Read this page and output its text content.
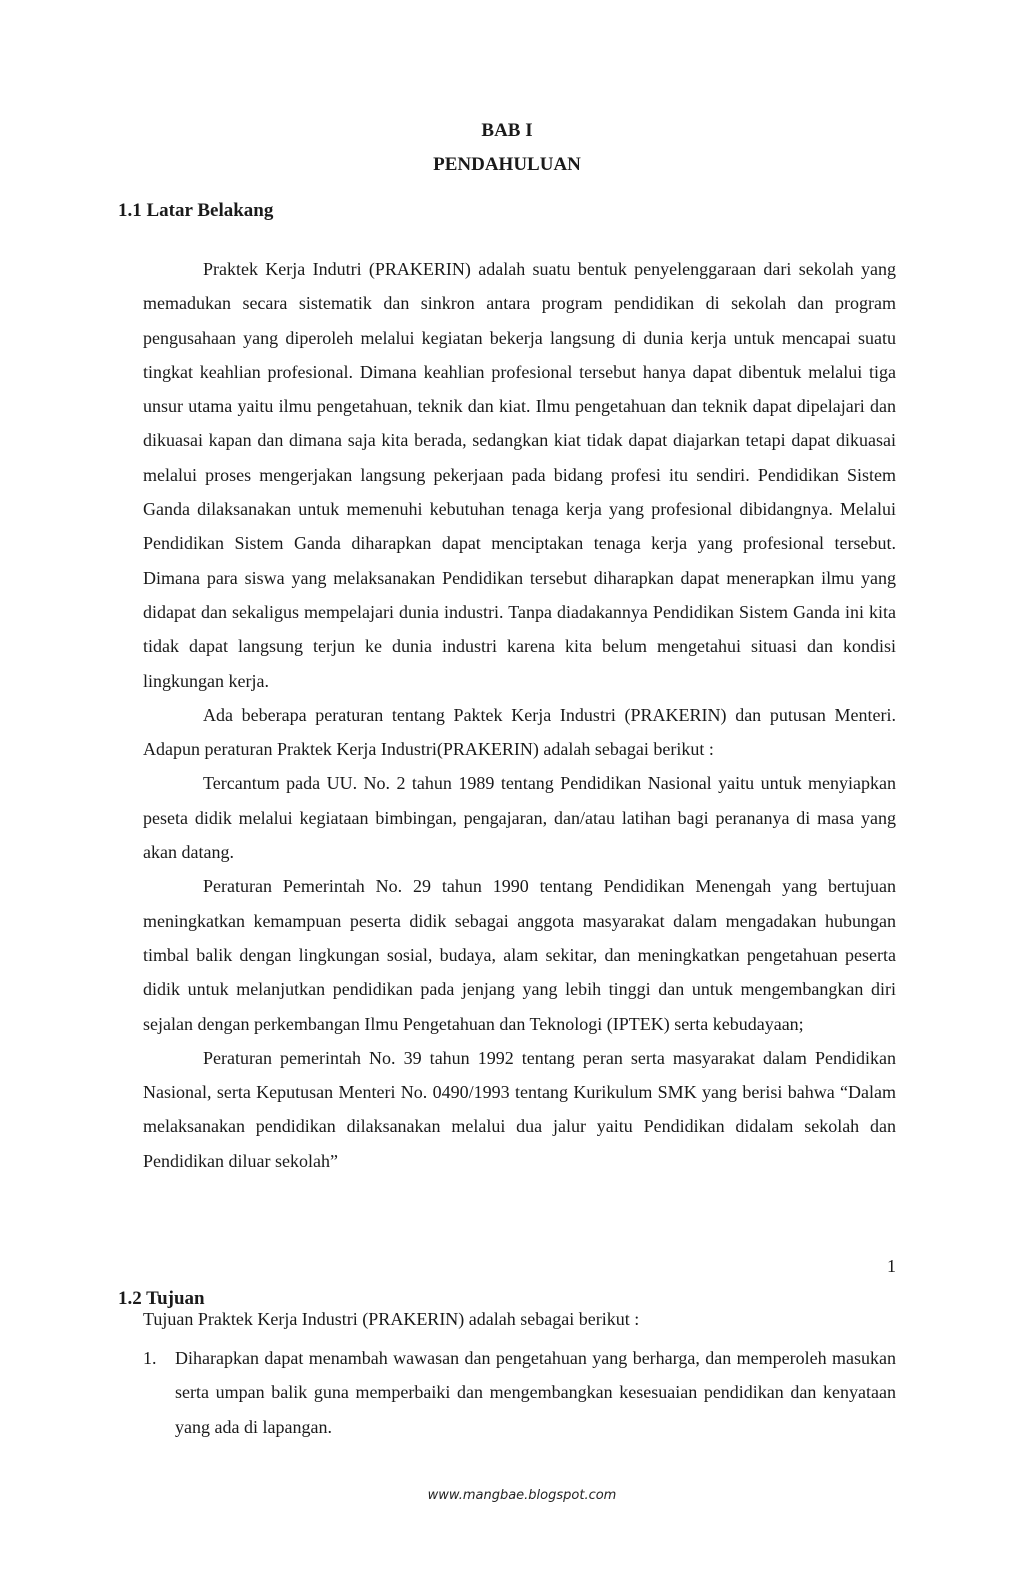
BAB I
PENDAHULUAN
1.1 Latar Belakang

Praktek Kerja Indutri (PRAKERIN) adalah suatu bentuk penyelenggaraan dari sekolah yang memadukan secara sistematik dan sinkron antara program pendidikan di sekolah dan program pengusahaan yang diperoleh melalui kegiatan bekerja langsung di dunia kerja untuk mencapai suatu tingkat keahlian profesional. Dimana keahlian profesional tersebut hanya dapat dibentuk melalui tiga unsur utama yaitu ilmu pengetahuan, teknik dan kiat. Ilmu pengetahuan dan teknik dapat dipelajari dan dikuasai kapan dan dimana saja kita berada, sedangkan kiat tidak dapat diajarkan tetapi dapat dikuasai melalui proses mengerjakan langsung pekerjaan pada bidang profesi itu sendiri. Pendidikan Sistem Ganda dilaksanakan untuk memenuhi kebutuhan tenaga kerja yang profesional dibidangnya. Melalui Pendidikan Sistem Ganda diharapkan dapat menciptakan tenaga kerja yang profesional tersebut. Dimana para siswa yang melaksanakan Pendidikan tersebut diharapkan dapat menerapkan ilmu yang didapat dan sekaligus mempelajari dunia industri. Tanpa diadakannya Pendidikan Sistem Ganda ini kita tidak dapat langsung terjun ke dunia industri karena kita belum mengetahui situasi dan kondisi lingkungan kerja.

Ada beberapa peraturan tentang Paktek Kerja Industri (PRAKERIN) dan putusan Menteri. Adapun peraturan Praktek Kerja Industri(PRAKERIN) adalah sebagai berikut :

Tercantum pada UU. No. 2 tahun 1989 tentang Pendidikan Nasional yaitu untuk menyiapkan peseta didik melalui kegiataan bimbingan, pengajaran, dan/atau latihan bagi perananya di masa yang akan datang.

Peraturan Pemerintah No. 29 tahun 1990 tentang Pendidikan Menengah yang bertujuan meningkatkan kemampuan peserta didik sebagai anggota masyarakat dalam mengadakan hubungan timbal balik dengan lingkungan sosial, budaya, alam sekitar, dan meningkatkan pengetahuan peserta didik untuk melanjutkan pendidikan pada jenjang yang lebih tinggi dan untuk mengembangkan diri sejalan dengan perkembangan Ilmu Pengetahuan dan Teknologi (IPTEK) serta kebudayaan;

Peraturan pemerintah No. 39 tahun 1992 tentang peran serta masyarakat dalam Pendidikan Nasional, serta Keputusan Menteri No. 0490/1993 tentang Kurikulum SMK yang berisi bahwa “Dalam melaksanakan pendidikan dilaksanakan melalui dua jalur yaitu Pendidikan didalam sekolah dan Pendidikan diluar sekolah”

1
1.2 Tujuan
Tujuan Praktek Kerja Industri (PRAKERIN) adalah sebagai berikut :
1.	Diharapkan dapat menambah wawasan dan pengetahuan yang berharga, dan memperoleh masukan serta umpan balik guna memperbaiki dan mengembangkan kesesuaian pendidikan dan kenyataan yang ada di lapangan.
www.mangbae.blogspot.com
